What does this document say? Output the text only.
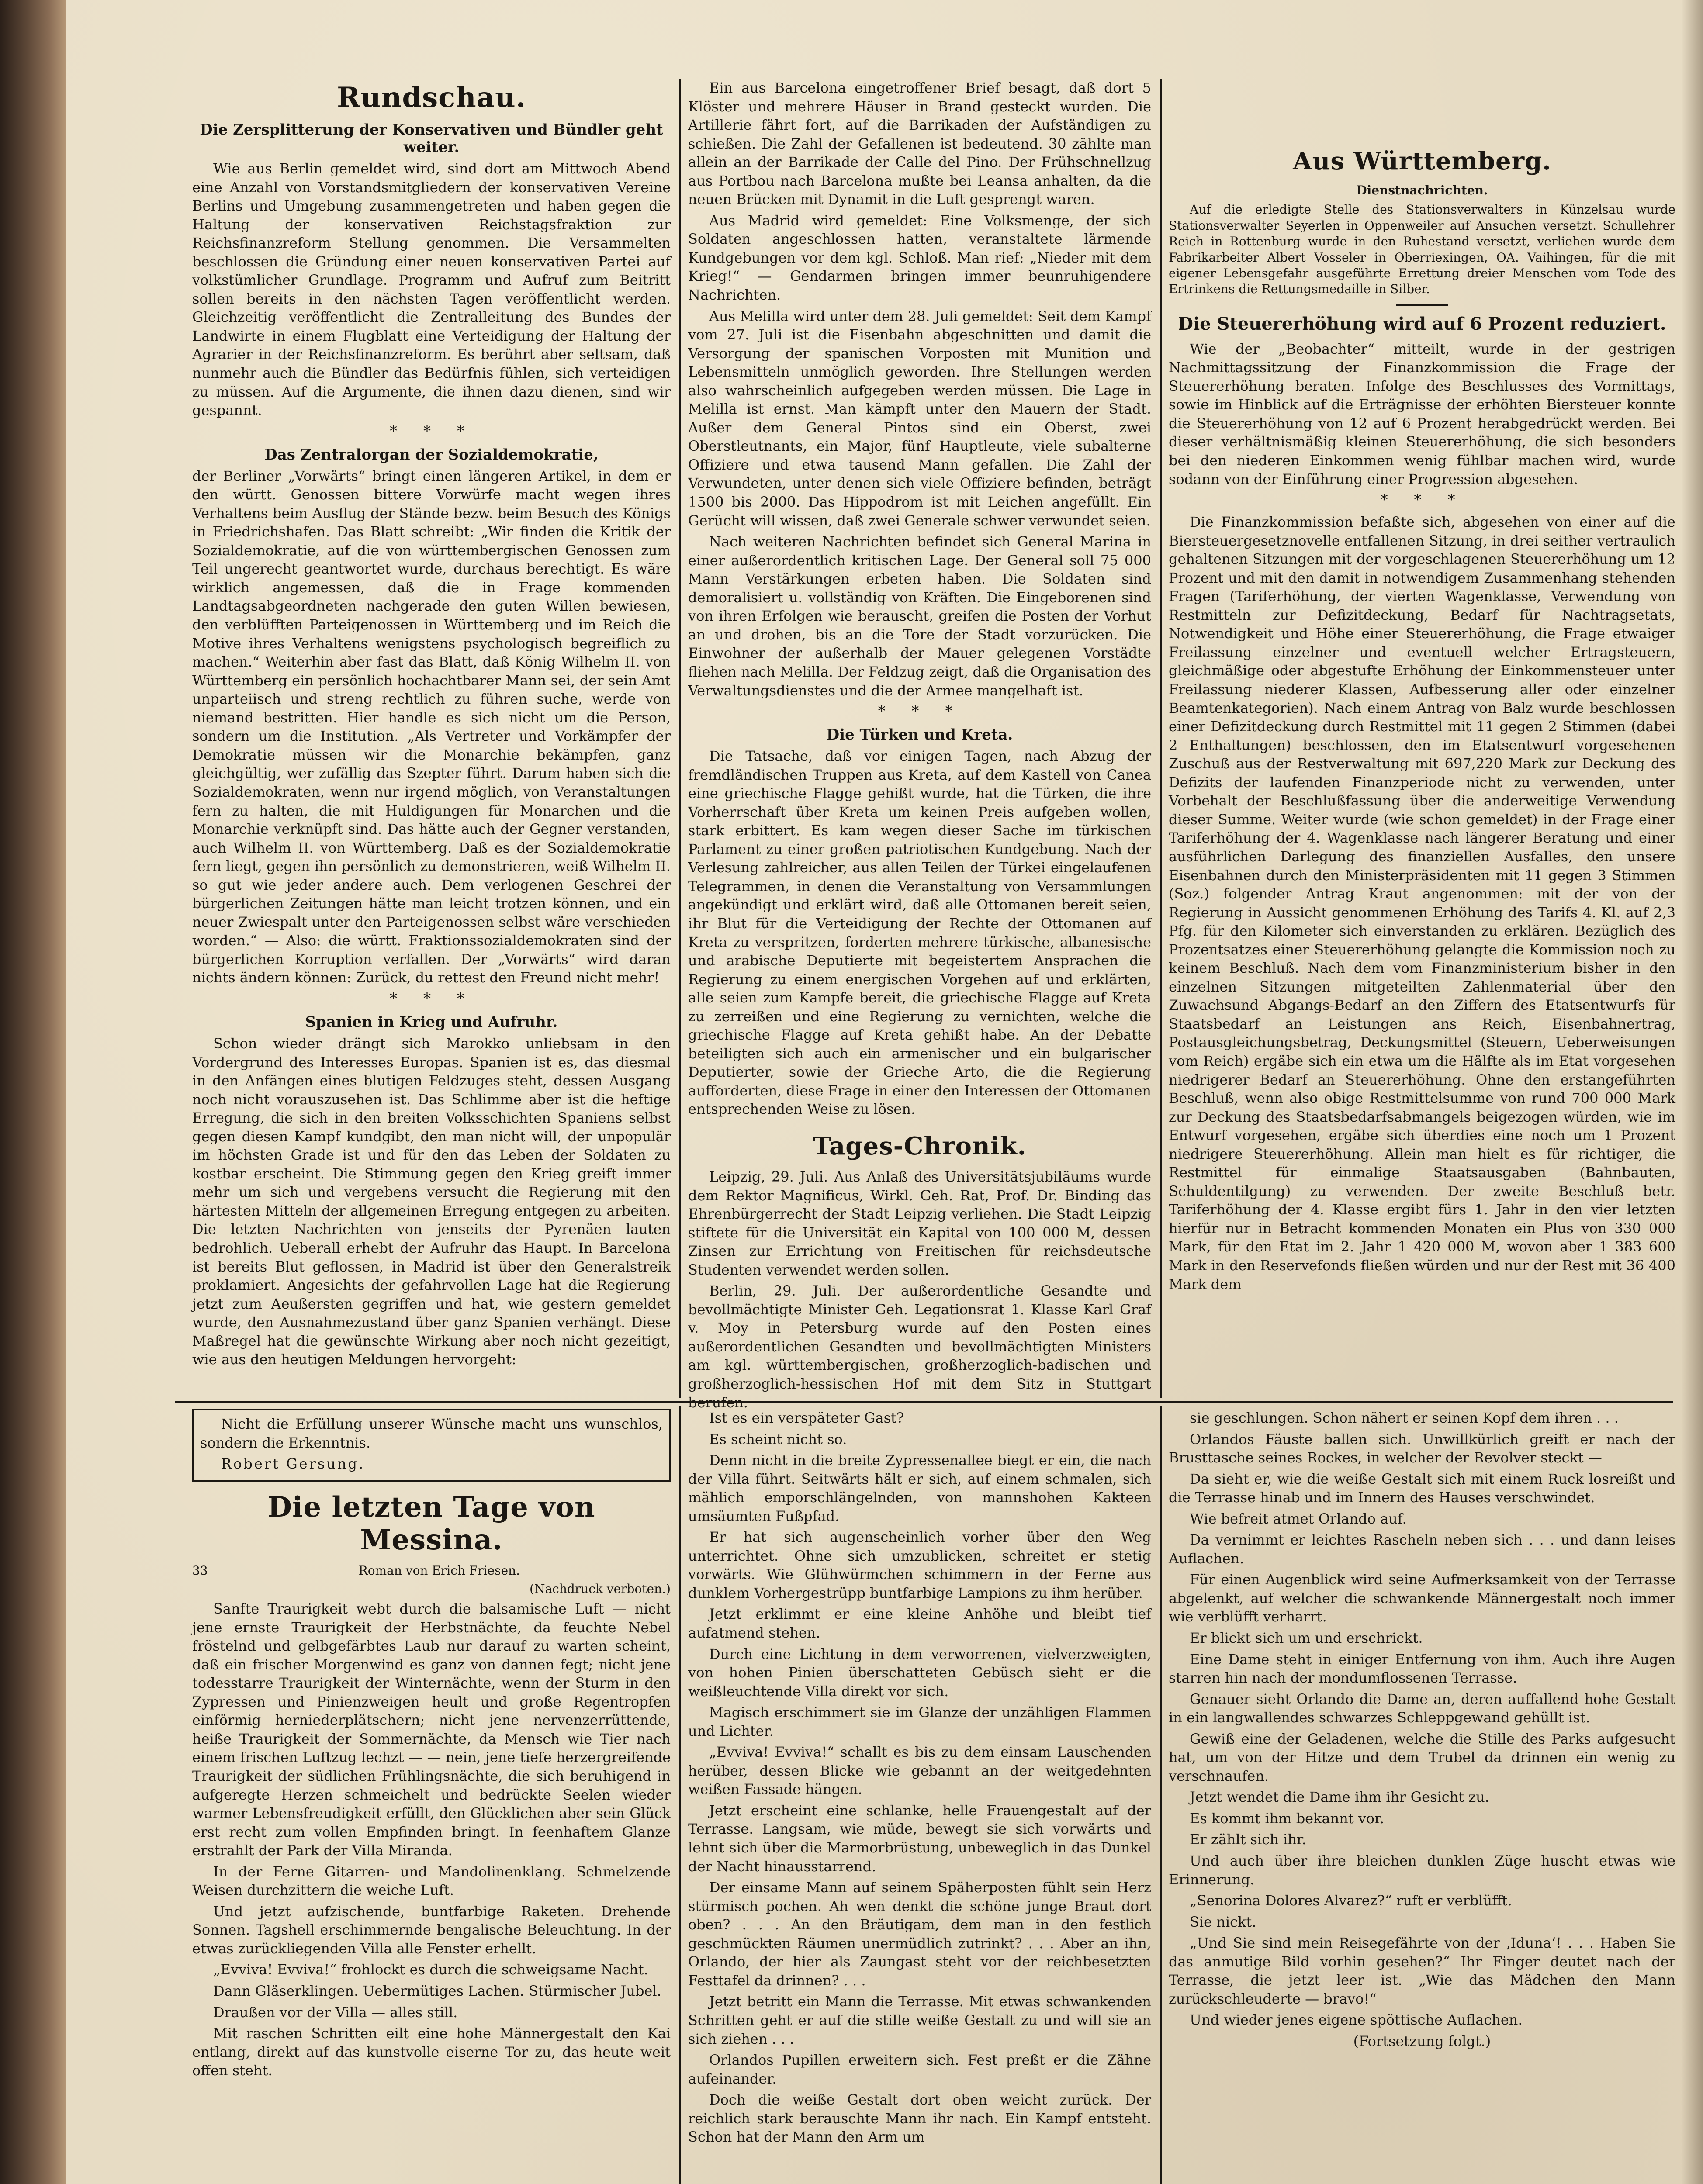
Rundschau.
Die Zersplitterung der Konservativen und Bündler geht weiter.

Wie aus Berlin gemeldet wird, sind dort am Mittwoch Abend eine Anzahl von Vorstandsmitgliedern der konservativen Vereine Berlins und Umgebung zusammengetreten und haben gegen die Haltung der konservativen Reichstagsfraktion zur Reichsfinanzreform Stellung genommen. Die Versammelten beschlossen die Gründung einer neuen konservativen Partei auf volkstümlicher Grundlage. Programm und Aufruf zum Beitritt sollen bereits in den nächsten Tagen veröffentlicht werden. Gleichzeitig veröffentlicht die Zentralleitung des Bundes der Landwirte in einem Flugblatt eine Verteidigung der Haltung der Agrarier in der Reichsfinanzreform. Es berührt aber seltsam, daß nunmehr auch die Bündler das Bedürfnis fühlen, sich verteidigen zu müssen. Auf die Argumente, die ihnen dazu dienen, sind wir gespannt.

***
Das Zentralorgan der Sozialdemokratie,

der Berliner „Vorwärts“ bringt einen längeren Artikel, in dem er den württ. Genossen bittere Vorwürfe macht wegen ihres Verhaltens beim Ausflug der Stände bezw. beim Besuch des Königs in Friedrichshafen. Das Blatt schreibt: „Wir finden die Kritik der Sozialdemokratie, auf die von württembergischen Genossen zum Teil ungerecht geantwortet wurde, durchaus berechtigt. Es wäre wirklich angemessen, daß die in Frage kommenden Landtagsabgeordneten nachgerade den guten Willen bewiesen, den verblüfften Parteigenossen in Württemberg und im Reich die Motive ihres Verhaltens wenigstens psychologisch begreiflich zu machen.“ Weiterhin aber fast das Blatt, daß König Wilhelm II. von Württemberg ein persönlich hochachtbarer Mann sei, der sein Amt unparteiisch und streng rechtlich zu führen suche, werde von niemand bestritten. Hier handle es sich nicht um die Person, sondern um die Institution. „Als Vertreter und Vorkämpfer der Demokratie müssen wir die Monarchie bekämpfen, ganz gleichgültig, wer zufällig das Szepter führt. Darum haben sich die Sozialdemokraten, wenn nur irgend möglich, von Veranstaltungen fern zu halten, die mit Huldigungen für Monarchen und die Monarchie verknüpft sind. Das hätte auch der Gegner verstanden, auch Wilhelm II. von Württemberg. Daß es der Sozialdemokratie fern liegt, gegen ihn persönlich zu demonstrieren, weiß Wilhelm II. so gut wie jeder andere auch. Dem verlogenen Geschrei der bürgerlichen Zeitungen hätte man leicht trotzen können, und ein neuer Zwiespalt unter den Parteigenossen selbst wäre verschieden worden.“ — Also: die württ. Fraktionssozialdemokraten sind der bürgerlichen Korruption verfallen. Der „Vorwärts“ wird daran nichts ändern können: Zurück, du rettest den Freund nicht mehr!

***
Spanien in Krieg und Aufruhr.

Schon wieder drängt sich Marokko unliebsam in den Vordergrund des Interesses Europas. Spanien ist es, das diesmal in den Anfängen eines blutigen Feldzuges steht, dessen Ausgang noch nicht vorauszusehen ist. Das Schlimme aber ist die heftige Erregung, die sich in den breiten Volksschichten Spaniens selbst gegen diesen Kampf kundgibt, den man nicht will, der unpopulär im höchsten Grade ist und für den das Leben der Soldaten zu kostbar erscheint. Die Stimmung gegen den Krieg greift immer mehr um sich und vergebens versucht die Regierung mit den härtesten Mitteln der allgemeinen Erregung entgegen zu arbeiten. Die letzten Nachrichten von jenseits der Pyrenäen lauten bedrohlich. Ueberall erhebt der Aufruhr das Haupt. In Barcelona ist bereits Blut geflossen, in Madrid ist über den Generalstreik proklamiert. Angesichts der gefahrvollen Lage hat die Regierung jetzt zum Aeußersten gegriffen und hat, wie gestern gemeldet wurde, den Ausnahmezustand über ganz Spanien verhängt. Diese Maßregel hat die gewünschte Wirkung aber noch nicht gezeitigt, wie aus den heutigen Meldungen hervorgeht:

Ein aus Barcelona eingetroffener Brief besagt, daß dort 5 Klöster und mehrere Häuser in Brand gesteckt wurden. Die Artillerie fährt fort, auf die Barrikaden der Aufständigen zu schießen. Die Zahl der Gefallenen ist bedeutend. 30 zählte man allein an der Barrikade der Calle del Pino. Der Frühschnellzug aus Portbou nach Barcelona mußte bei Leansa anhalten, da die neuen Brücken mit Dynamit in die Luft gesprengt waren.

Aus Madrid wird gemeldet: Eine Volksmenge, der sich Soldaten angeschlossen hatten, veranstaltete lärmende Kundgebungen vor dem kgl. Schloß. Man rief: „Nieder mit dem Krieg!“ — Gendarmen bringen immer beunruhigendere Nachrichten.

Aus Melilla wird unter dem 28. Juli gemeldet: Seit dem Kampf vom 27. Juli ist die Eisenbahn abgeschnitten und damit die Versorgung der spanischen Vorposten mit Munition und Lebensmitteln unmöglich geworden. Ihre Stellungen werden also wahrscheinlich aufgegeben werden müssen. Die Lage in Melilla ist ernst. Man kämpft unter den Mauern der Stadt. Außer dem General Pintos sind ein Oberst, zwei Oberstleutnants, ein Major, fünf Hauptleute, viele subalterne Offiziere und etwa tausend Mann gefallen. Die Zahl der Verwundeten, unter denen sich viele Offiziere befinden, beträgt 1500 bis 2000. Das Hippodrom ist mit Leichen angefüllt. Ein Gerücht will wissen, daß zwei Generale schwer verwundet seien.

Nach weiteren Nachrichten befindet sich General Marina in einer außerordentlich kritischen Lage. Der General soll 75 000 Mann Verstärkungen erbeten haben. Die Soldaten sind demoralisiert u. vollständig von Kräften. Die Eingeborenen sind von ihren Erfolgen wie berauscht, greifen die Posten der Vorhut an und drohen, bis an die Tore der Stadt vorzurücken. Die Einwohner der außerhalb der Mauer gelegenen Vorstädte fliehen nach Melilla. Der Feldzug zeigt, daß die Organisation des Verwaltungsdienstes und die der Armee mangelhaft ist.

***
Die Türken und Kreta.

Die Tatsache, daß vor einigen Tagen, nach Abzug der fremdländischen Truppen aus Kreta, auf dem Kastell von Canea eine griechische Flagge gehißt wurde, hat die Türken, die ihre Vorherrschaft über Kreta um keinen Preis aufgeben wollen, stark erbittert. Es kam wegen dieser Sache im türkischen Parlament zu einer großen patriotischen Kundgebung. Nach der Verlesung zahlreicher, aus allen Teilen der Türkei eingelaufenen Telegrammen, in denen die Veranstaltung von Versammlungen angekündigt und erklärt wird, daß alle Ottomanen bereit seien, ihr Blut für die Verteidigung der Rechte der Ottomanen auf Kreta zu verspritzen, forderten mehrere türkische, albanesische und arabische Deputierte mit begeistertem Ansprachen die Regierung zu einem energischen Vorgehen auf und erklärten, alle seien zum Kampfe bereit, die griechische Flagge auf Kreta zu zerreißen und eine Regierung zu vernichten, welche die griechische Flagge auf Kreta gehißt habe. An der Debatte beteiligten sich auch ein armenischer und ein bulgarischer Deputierter, sowie der Grieche Arto, die die Regierung aufforderten, diese Frage in einer den Interessen der Ottomanen entsprechenden Weise zu lösen.

Tages-Chronik.

Leipzig, 29. Juli. Aus Anlaß des Universitätsjubiläums wurde dem Rektor Magnificus, Wirkl. Geh. Rat, Prof. Dr. Binding das Ehrenbürgerrecht der Stadt Leipzig verliehen. Die Stadt Leipzig stiftete für die Universität ein Kapital von 100 000 M, dessen Zinsen zur Errichtung von Freitischen für reichsdeutsche Studenten verwendet werden sollen.

Berlin, 29. Juli. Der außerordentliche Gesandte und bevollmächtigte Minister Geh. Legationsrat 1. Klasse Karl Graf v. Moy in Petersburg wurde auf den Posten eines außerordentlichen Gesandten und bevollmächtigten Ministers am kgl. württembergischen, großherzoglich-badischen und großherzoglich-hessischen Hof mit dem Sitz in Stuttgart berufen.

Aus Württemberg.
Dienstnachrichten.

Auf die erledigte Stelle des Stationsverwalters in Künzelsau wurde Stationsverwalter Seyerlen in Oppenweiler auf Ansuchen versetzt. Schullehrer Reich in Rottenburg wurde in den Ruhestand versetzt, verliehen wurde dem Fabrikarbeiter Albert Vosseler in Oberriexingen, OA. Vaihingen, für die mit eigener Lebensgefahr ausgeführte Errettung dreier Menschen vom Tode des Ertrinkens die Rettungsmedaille in Silber.

Die Steuererhöhung wird auf 6 Prozent reduziert.

Wie der „Beobachter“ mitteilt, wurde in der gestrigen Nachmittagssitzung der Finanzkommission die Frage der Steuererhöhung beraten. Infolge des Beschlusses des Vormittags, sowie im Hinblick auf die Erträgnisse der erhöhten Biersteuer konnte die Steuererhöhung von 12 auf 6 Prozent herabgedrückt werden. Bei dieser verhältnismäßig kleinen Steuererhöhung, die sich besonders bei den niederen Einkommen wenig fühlbar machen wird, wurde sodann von der Einführung einer Progression abgesehen.

***

Die Finanzkommission befaßte sich, abgesehen von einer auf die Biersteuergesetznovelle entfallenen Sitzung, in drei seither vertraulich gehaltenen Sitzungen mit der vorgeschlagenen Steuererhöhung um 12 Prozent und mit den damit in notwendigem Zusammenhang stehenden Fragen (Tariferhöhung, der vierten Wagenklasse, Verwendung von Restmitteln zur Defizitdeckung, Bedarf für Nachtragsetats, Notwendigkeit und Höhe einer Steuererhöhung, die Frage etwaiger Freilassung einzelner und eventuell welcher Ertragsteuern, gleichmäßige oder abgestufte Erhöhung der Einkommensteuer unter Freilassung niederer Klassen, Aufbesserung aller oder einzelner Beamtenkategorien). Nach einem Antrag von Balz wurde beschlossen einer Defizitdeckung durch Restmittel mit 11 gegen 2 Stimmen (dabei 2 Enthaltungen) beschlossen, den im Etatsentwurf vorgesehenen Zuschuß aus der Restverwaltung mit 697,220 Mark zur Deckung des Defizits der laufenden Finanzperiode nicht zu verwenden, unter Vorbehalt der Beschlußfassung über die anderweitige Verwendung dieser Summe. Weiter wurde (wie schon gemeldet) in der Frage einer Tariferhöhung der 4. Wagenklasse nach längerer Beratung und einer ausführlichen Darlegung des finanziellen Ausfalles, den unsere Eisenbahnen durch den Ministerpräsidenten mit 11 gegen 3 Stimmen (Soz.) folgender Antrag Kraut angenommen: mit der von der Regierung in Aussicht genommenen Erhöhung des Tarifs 4. Kl. auf 2,3 Pfg. für den Kilometer sich einverstanden zu erklären. Bezüglich des Prozentsatzes einer Steuererhöhung gelangte die Kommission noch zu keinem Beschluß. Nach dem vom Finanzministerium bisher in den einzelnen Sitzungen mitgeteilten Zahlenmaterial über den Zuwachsund Abgangs-Bedarf an den Ziffern des Etatsentwurfs für Staatsbedarf an Leistungen ans Reich, Eisenbahnertrag, Postausgleichungsbetrag, Deckungsmittel (Steuern, Ueberweisungen vom Reich) ergäbe sich ein etwa um die Hälfte als im Etat vorgesehen niedrigerer Bedarf an Steuererhöhung. Ohne den erstangeführten Beschluß, wenn also obige Restmittelsumme von rund 700 000 Mark zur Deckung des Staatsbedarfsabmangels beigezogen würden, wie im Entwurf vorgesehen, ergäbe sich überdies eine noch um 1 Prozent niedrigere Steuererhöhung. Allein man hielt es für richtiger, die Restmittel für einmalige Staatsausgaben (Bahnbauten, Schuldentilgung) zu verwenden. Der zweite Beschluß betr. Tariferhöhung der 4. Klasse ergibt fürs 1. Jahr in den vier letzten hierfür nur in Betracht kommenden Monaten ein Plus von 330 000 Mark, für den Etat im 2. Jahr 1 420 000 M, wovon aber 1 383 600 Mark in den Reservefonds fließen würden und nur der Rest mit 36 400 Mark dem

Nicht die Erfüllung unserer Wünsche macht uns wunschlos, sondern die Erkenntnis.

Robert Gersung.

Die letzten Tage von Messina.
33	Roman von Erich Friesen.

(Nachdruck verboten.)

Sanfte Traurigkeit webt durch die balsamische Luft — nicht jene ernste Traurigkeit der Herbstnächte, da feuchte Nebel fröstelnd und gelbgefärbtes Laub nur darauf zu warten scheint, daß ein frischer Morgenwind es ganz von dannen fegt; nicht jene todesstarre Traurigkeit der Winternächte, wenn der Sturm in den Zypressen und Pinienzweigen heult und große Regentropfen einförmig herniederplätschern; nicht jene nervenzerrüttende, heiße Traurigkeit der Sommernächte, da Mensch wie Tier nach einem frischen Luftzug lechzt — — nein, jene tiefe herzergreifende Traurigkeit der südlichen Frühlingsnächte, die sich beruhigend in aufgeregte Herzen schmeichelt und bedrückte Seelen wieder warmer Lebensfreudigkeit erfüllt, den Glücklichen aber sein Glück erst recht zum vollen Empfinden bringt. In feenhaftem Glanze erstrahlt der Park der Villa Miranda.

In der Ferne Gitarren- und Mandolinenklang. Schmelzende Weisen durchzittern die weiche Luft.

Und jetzt aufzischende, buntfarbige Raketen. Drehende Sonnen. Tagshell erschimmernde bengalische Beleuchtung. In der etwas zurückliegenden Villa alle Fenster erhellt.

„Evviva! Evviva!“ frohlockt es durch die schweigsame Nacht.

Dann Gläserklingen. Uebermütiges Lachen. Stürmischer Jubel.

Draußen vor der Villa — alles still.

Mit raschen Schritten eilt eine hohe Männergestalt den Kai entlang, direkt auf das kunstvolle eiserne Tor zu, das heute weit offen steht.

Ist es ein verspäteter Gast?

Es scheint nicht so.

Denn nicht in die breite Zypressenallee biegt er ein, die nach der Villa führt. Seitwärts hält er sich, auf einem schmalen, sich mählich emporschlängelnden, von mannshohen Kakteen umsäumten Fußpfad.

Er hat sich augenscheinlich vorher über den Weg unterrichtet. Ohne sich umzublicken, schreitet er stetig vorwärts. Wie Glühwürmchen schimmern in der Ferne aus dunklem Vorhergestrüpp buntfarbige Lampions zu ihm herüber.

Jetzt erklimmt er eine kleine Anhöhe und bleibt tief aufatmend stehen.

Durch eine Lichtung in dem verworrenen, vielverzweigten, von hohen Pinien überschatteten Gebüsch sieht er die weißleuchtende Villa direkt vor sich.

Magisch erschimmert sie im Glanze der unzähligen Flammen und Lichter.

„Evviva! Evviva!“ schallt es bis zu dem einsam Lauschenden herüber, dessen Blicke wie gebannt an der weitgedehnten weißen Fassade hängen.

Jetzt erscheint eine schlanke, helle Frauengestalt auf der Terrasse. Langsam, wie müde, bewegt sie sich vorwärts und lehnt sich über die Marmorbrüstung, unbeweglich in das Dunkel der Nacht hinausstarrend.

Der einsame Mann auf seinem Späherposten fühlt sein Herz stürmisch pochen. Ah wen denkt die schöne junge Braut dort oben? . . . An den Bräutigam, dem man in den festlich geschmückten Räumen unermüdlich zutrinkt? . . . Aber an ihn, Orlando, der hier als Zaungast steht vor der reichbesetzten Festtafel da drinnen? . . .

Jetzt betritt ein Mann die Terrasse. Mit etwas schwankenden Schritten geht er auf die stille weiße Gestalt zu und will sie an sich ziehen . . .

Orlandos Pupillen erweitern sich. Fest preßt er die Zähne aufeinander.

Doch die weiße Gestalt dort oben weicht zurück. Der reichlich stark berauschte Mann ihr nach. Ein Kampf entsteht. Schon hat der Mann den Arm um

sie geschlungen. Schon nähert er seinen Kopf dem ihren . . .

Orlandos Fäuste ballen sich. Unwillkürlich greift er nach der Brusttasche seines Rockes, in welcher der Revolver steckt —

Da sieht er, wie die weiße Gestalt sich mit einem Ruck losreißt und die Terrasse hinab und im Innern des Hauses verschwindet.

Wie befreit atmet Orlando auf.

Da vernimmt er leichtes Rascheln neben sich . . . und dann leises Auflachen.

Für einen Augenblick wird seine Aufmerksamkeit von der Terrasse abgelenkt, auf welcher die schwankende Männergestalt noch immer wie verblüfft verharrt.

Er blickt sich um und erschrickt.

Eine Dame steht in einiger Entfernung von ihm. Auch ihre Augen starren hin nach der mondumflossenen Terrasse.

Genauer sieht Orlando die Dame an, deren auffallend hohe Gestalt in ein langwallendes schwarzes Schleppgewand gehüllt ist.

Gewiß eine der Geladenen, welche die Stille des Parks aufgesucht hat, um von der Hitze und dem Trubel da drinnen ein wenig zu verschnaufen.

Jetzt wendet die Dame ihm ihr Gesicht zu.

Es kommt ihm bekannt vor.

Er zählt sich ihr.

Und auch über ihre bleichen dunklen Züge huscht etwas wie Erinnerung.

„Senorina Dolores Alvarez?“ ruft er verblüfft.

Sie nickt.

„Und Sie sind mein Reisegefährte von der ‚Iduna‘! . . . Haben Sie das anmutige Bild vorhin gesehen?“ Ihr Finger deutet nach der Terrasse, die jetzt leer ist. „Wie das Mädchen den Mann zurückschleuderte — bravo!“

Und wieder jenes eigene spöttische Auflachen.

(Fortsetzung folgt.)
